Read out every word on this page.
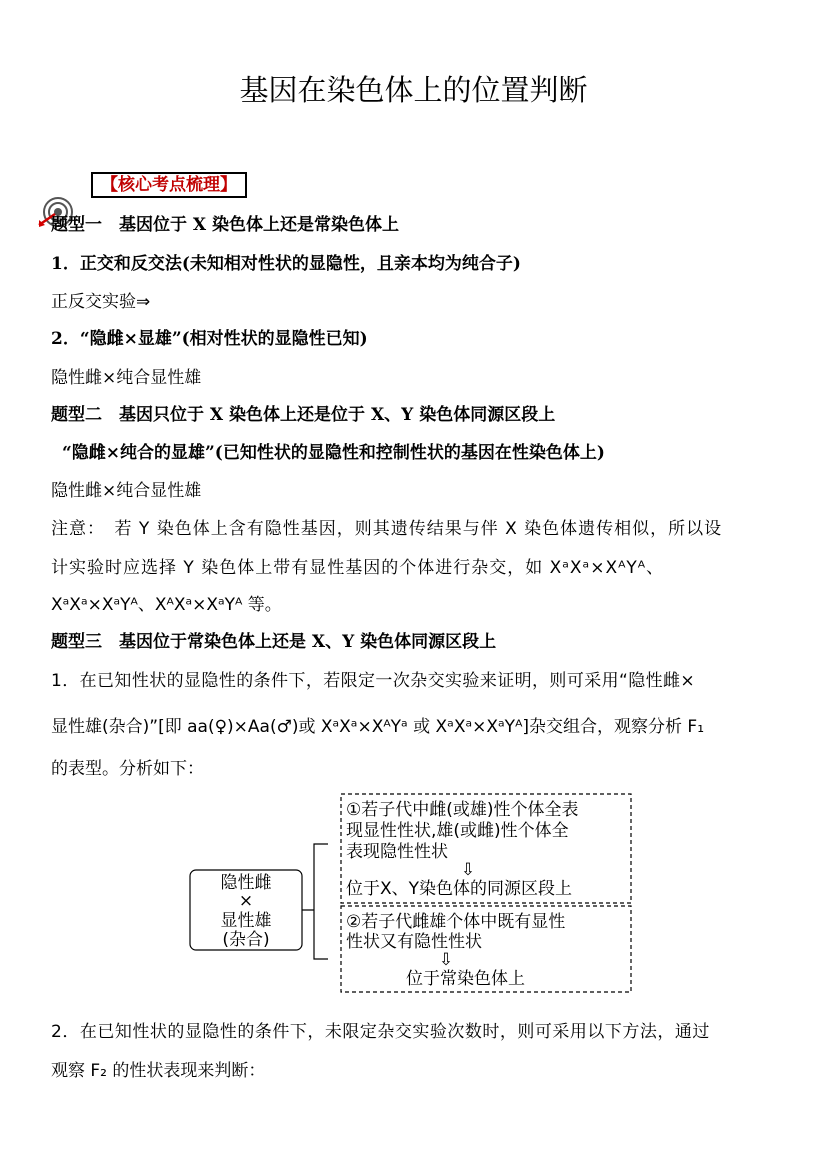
基因在染色体上的位置判断
【核心考点梳理】
题型一　基因位于 X 染色体上还是常染色体上
1．正交和反交法(未知相对性状的显隐性，且亲本均为纯合子)
正反交实验⇒
2．“隐雌×显雄”(相对性状的显隐性已知)
隐性雌×纯合显性雄
题型二　基因只位于 X 染色体上还是位于 X、Y 染色体同源区段上
“隐雌×纯合的显雄”(已知性状的显隐性和控制性状的基因在性染色体上)
隐性雌×纯合显性雄
注意：　若 Y 染色体上含有隐性基因，则其遗传结果与伴 X 染色体遗传相似，所以设
计实验时应选择 Y 染色体上带有显性基因的个体进行杂交，如 XᵃXᵃ×XᴬYᴬ、
XᵃXᵃ×XᵃYᴬ、XᴬXᵃ×XᵃYᴬ 等。
题型三　基因位于常染色体上还是 X、Y 染色体同源区段上
1．在已知性状的显隐性的条件下，若限定一次杂交实验来证明，则可采用“隐性雌×
显性雄(杂合)”[即 aa(♀)×Aa(♂)或 XᵃXᵃ×XᴬYᵃ 或 XᵃXᵃ×XᵃYᴬ]杂交组合，观察分析 F₁
的表型。分析如下：
隐性雌
×
显性雄
(杂合)
①若子代中雌(或雄)性个体全表
现显性性状,雄(或雌)性个体全
表现隐性性状
⇩
位于X、Y染色体的同源区段上
②若子代雌雄个体中既有显性
性状又有隐性性状
⇩
位于常染色体上
2．在已知性状的显隐性的条件下，未限定杂交实验次数时，则可采用以下方法，通过
观察 F₂ 的性状表现来判断：
